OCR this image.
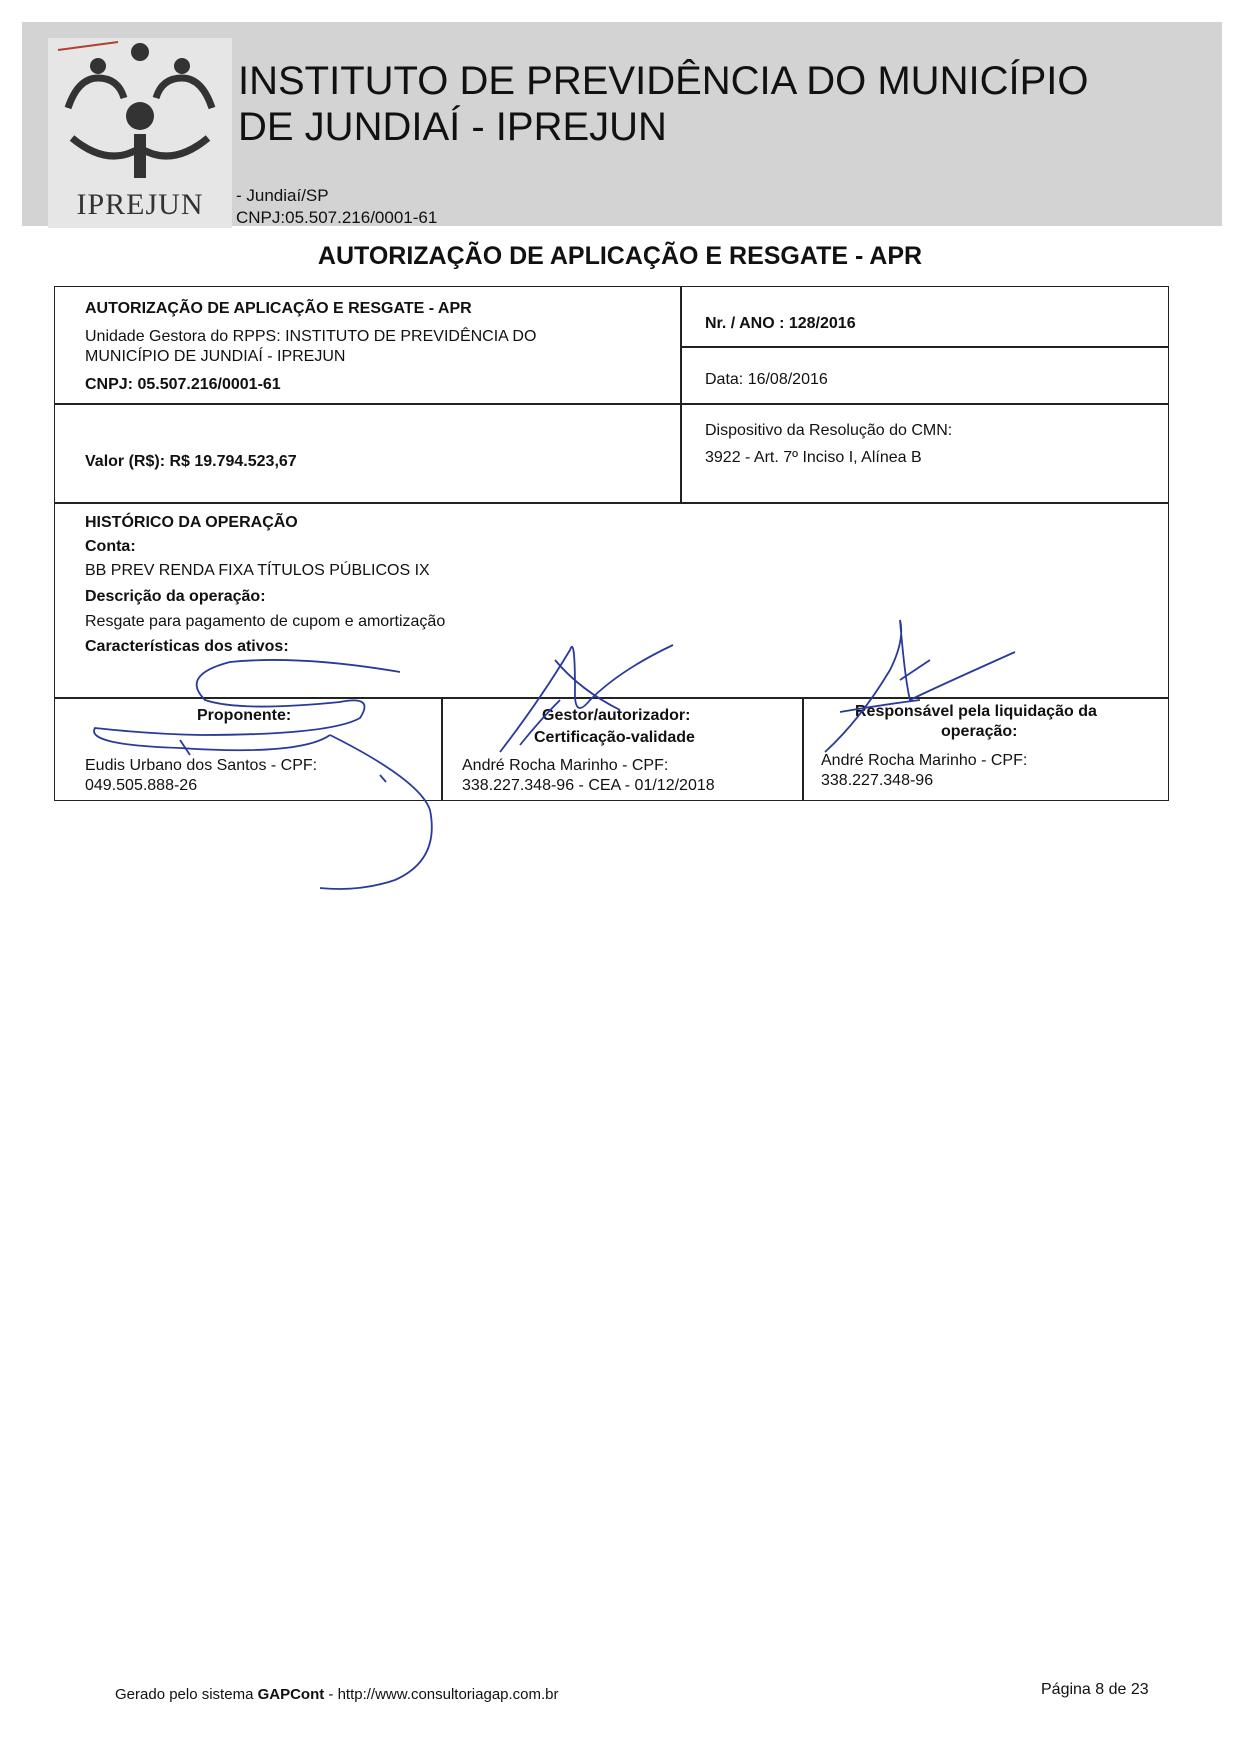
IPREJUN
INSTITUTO DE PREVIDÊNCIA DO MUNICÍPIO
DE JUNDIAÍ - IPREJUN
- Jundiaí/SP
CNPJ:05.507.216/0001-61
AUTORIZAÇÃO DE APLICAÇÃO E RESGATE - APR
AUTORIZAÇÃO DE APLICAÇÃO E RESGATE - APR
Unidade Gestora do RPPS: INSTITUTO DE PREVIDÊNCIA DO
MUNICÍPIO DE JUNDIAÍ - IPREJUN
CNPJ: 05.507.216/0001-61
Nr. / ANO : 128/2016
Data: 16/08/2016
Valor (R$): R$ 19.794.523,67
Dispositivo da Resolução do CMN:
3922 - Art. 7º Inciso I, Alínea B
HISTÓRICO DA OPERAÇÃO
Conta:
BB PREV RENDA FIXA TÍTULOS PÚBLICOS IX
Descrição da operação:
Resgate para pagamento de cupom e amortização
Características dos ativos:
Proponente:
Eudis Urbano dos Santos - CPF:
049.505.888-26
Gestor/autorizador:
Certificação-validade
André Rocha Marinho - CPF:
338.227.348-96 - CEA - 01/12/2018
Responsável pela liquidação da
operação:
André Rocha Marinho - CPF:
338.227.348-96
Gerado pelo sistema GAPCont - http://www.consultoriagap.com.br	Página 8 de 23
